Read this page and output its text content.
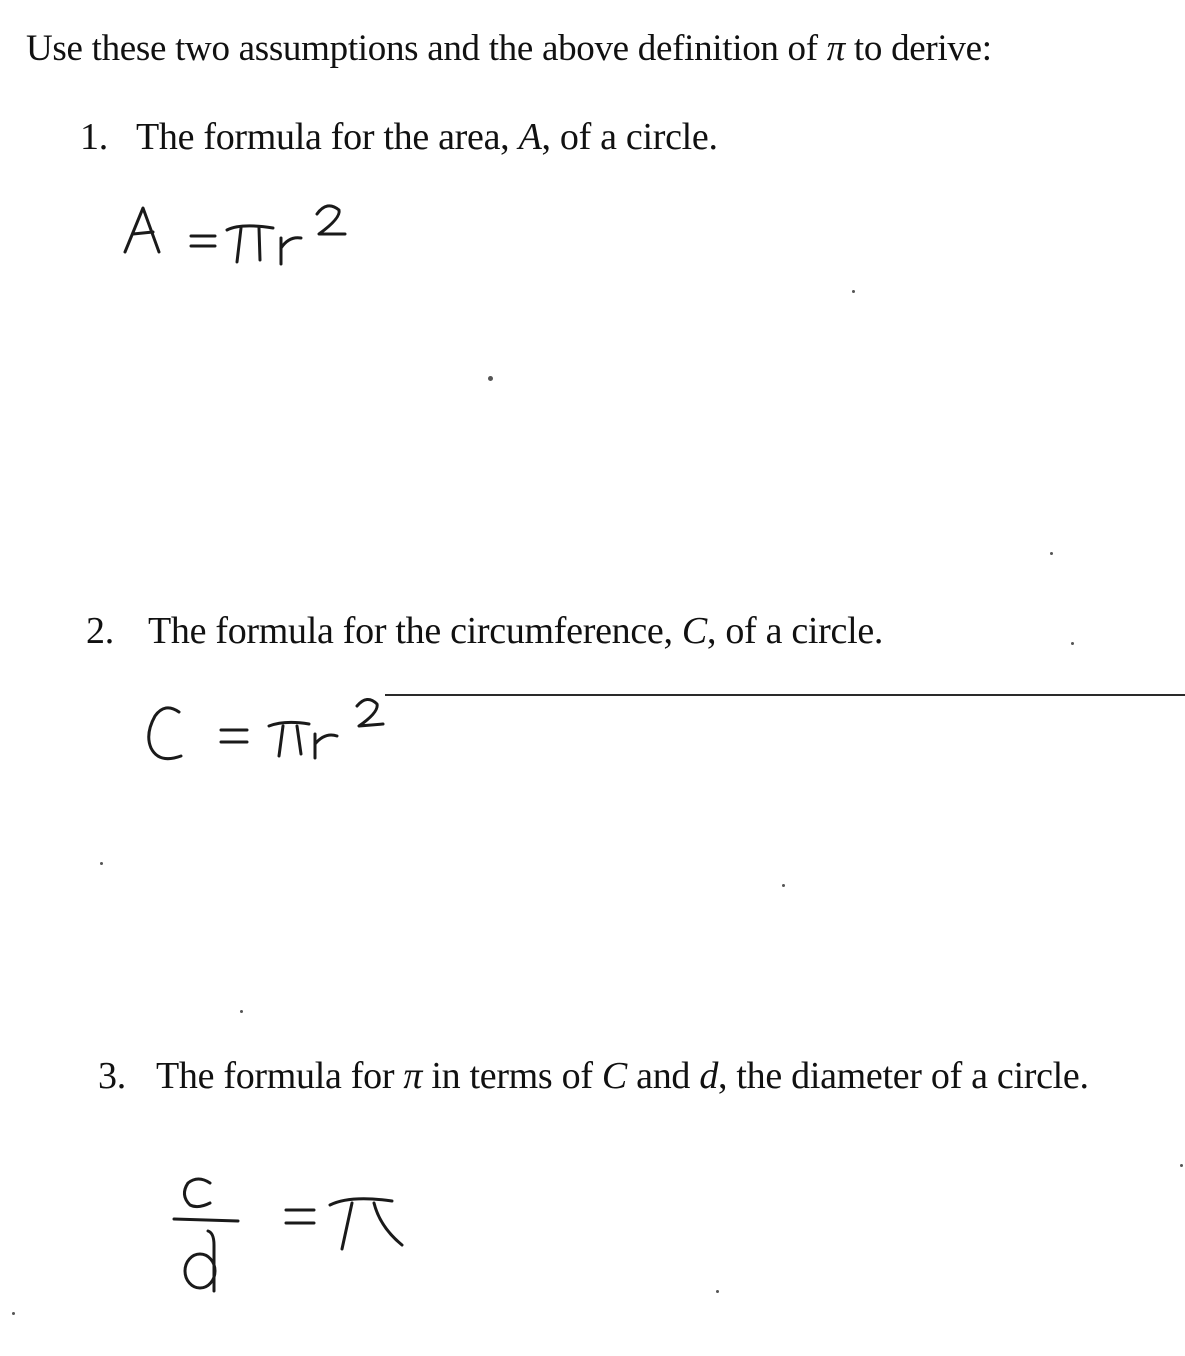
Use these two assumptions and the above definition of π to derive:
1. The formula for the area, A, of a circle.
2. The formula for the circumference, C, of a circle.
3. The formula for π in terms of C and d, the diameter of a circle.
